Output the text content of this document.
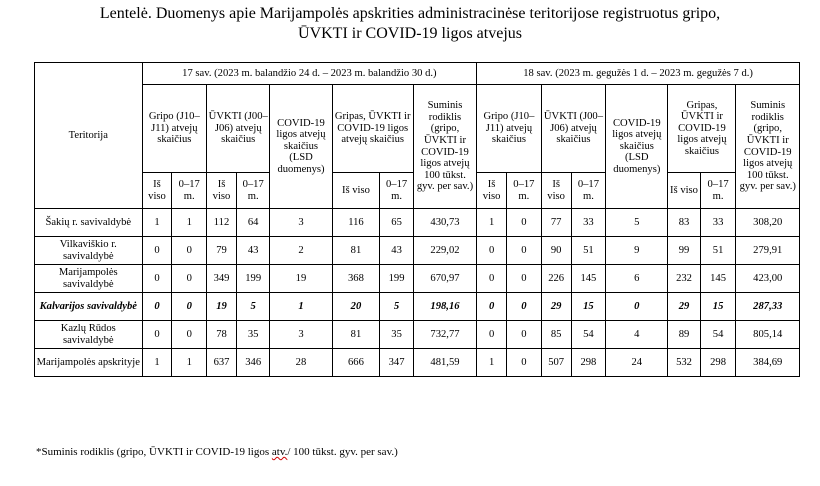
Lentelė. Duomenys apie Marijampolės apskrities administracinėse teritorijose registruotus gripo,
ŪVKTI ir COVID-19 ligos atvejus
Teritorija	17 sav. (2023 m. balandžio 24 d. – 2023 m. balandžio 30 d.)								18 sav. (2023 m. gegužės 1 d. – 2023 m. gegužės 7 d.)							
	Gripo (J10–J11) atvejų skaičius		ŪVKTI (J00–J06) atvejų skaičius		COVID-19 ligos atvejų skaičius (LSD duomenys)	Gripas, ŪVKTI ir COVID-19 ligos atvejų skaičius		Suminis rodiklis (gripo, ŪVKTI ir COVID-19 ligos atvejų 100 tūkst. gyv. per sav.)	Gripo (J10–J11) atvejų skaičius		ŪVKTI (J00–J06) atvejų skaičius		COVID-19 ligos atvejų skaičius (LSD duomenys)	Gripas, ŪVKTI ir COVID-19 ligos atvejų skaičius		Suminis rodiklis (gripo, ŪVKTI ir COVID-19 ligos atvejų 100 tūkst. gyv. per sav.)
	Iš viso	0–17 m.	Iš viso	0–17 m.		Iš viso	0–17 m.		Iš viso	0–17 m.	Iš viso	0–17 m.		Iš viso	0–17 m.	
Šakių r. savivaldybė	1	1	112	64	3	116	65	430,73	1	0	77	33	5	83	33	308,20
Vilkaviškio r. savivaldybė	0	0	79	43	2	81	43	229,02	0	0	90	51	9	99	51	279,91
Marijampolės savivaldybė	0	0	349	199	19	368	199	670,97	0	0	226	145	6	232	145	423,00
Kalvarijos savivaldybė	0	0	19	5	1	20	5	198,16	0	0	29	15	0	29	15	287,33
Kazlų Rūdos savivaldybė	0	0	78	35	3	81	35	732,77	0	0	85	54	4	89	54	805,14
Marijampolės apskrityje	1	1	637	346	28	666	347	481,59	1	0	507	298	24	532	298	384,69
*Suminis rodiklis (gripo, ŪVKTI ir COVID-19 ligos atv./ 100 tūkst. gyv. per sav.)
